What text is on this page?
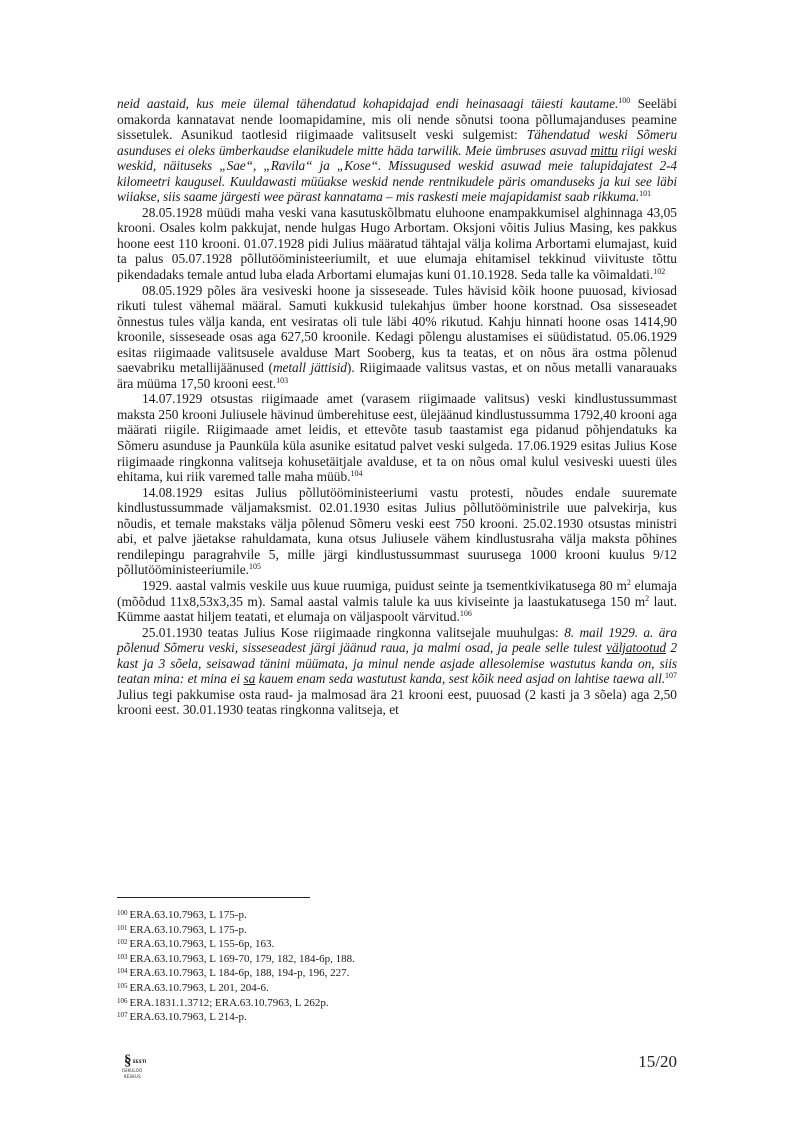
neid aastaid, kus meie ülemal tähendatud kohapidajad endi heinasaagi täiesti kautame.$^{100}$ Seeläbi omakorda kannatavat nende loomapidamine, mis oli nende sõnutsi toona põllumajanduses peamine sissetulek. Asunikud taotlesid riigimaade valitsuselt veski sulgemist: Tähendatud weski Sõmeru asunduses ei oleks ümberkaudse elanikudele mitte häda tarwilik. Meie ümbruses asuvad mittu riigi weski weskid, näituseks „Sae“, „Ravila“ ja „Kose“. Missugused weskid asuwad meie talupidajatest 2-4 kilomeetri kaugusel. Kuuldawasti müüakse weskid nende rentnikudele päris omanduseks ja kui see läbi wiiakse, siis saame järgesti wee pärast kannatama – mis raskesti meie majapidamist saab rikkuma.$^{101}$

28.05.1928 müüdi maha veski vana kasutuskõlbmatu eluhoone enampakkumisel alghinnaga 43,05 krooni. Osales kolm pakkujat, nende hulgas Hugo Arbortam. Oksjoni võitis Julius Masing, kes pakkus hoone eest 110 krooni. 01.07.1928 pidi Julius määratud tähtajal välja kolima Arbortami elumajast, kuid ta palus 05.07.1928 põllutööministeeriumilt, et uue elumaja ehitamisel tekkinud viivituste tõttu pikendadaks temale antud luba elada Arbortami elumajas kuni 01.10.1928. Seda talle ka võimaldati.$^{102}$

08.05.1929 põles ära vesiveski hoone ja sisseseade. Tules hävisid kõik hoone puuosad, kiviosad rikuti tulest vähemal määral. Samuti kukkusid tulekahjus ümber hoone korstnad. Osa sisseseadet õnnestus tules välja kanda, ent vesiratas oli tule läbi 40% rikutud. Kahju hinnati hoone osas 1414,90 kroonile, sisseseade osas aga 627,50 kroonile. Kedagi põlengu alustamises ei süüdistatud. 05.06.1929 esitas riigimaade valitsusele avalduse Mart Sooberg, kus ta teatas, et on nõus ära ostma põlenud saevabriku metallijäänused (metall jättisid). Riigimaade valitsus vastas, et on nõus metalli vanarauaks ära müüma 17,50 krooni eest.$^{103}$

14.07.1929 otsustas riigimaade amet (varasem riigimaade valitsus) veski kindlustussummast maksta 250 krooni Juliusele hävinud ümberehituse eest, ülejäänud kindlustussumma 1792,40 krooni aga määrati riigile. Riigimaade amet leidis, et ettevõte tasub taastamist ega pidanud põhjendatuks ka Sõmeru asunduse ja Paunküla küla asunike esitatud palvet veski sulgeda. 17.06.1929 esitas Julius Kose riigimaade ringkonna valitseja kohusetäitjale avalduse, et ta on nõus omal kulul vesiveski uuesti üles ehitama, kui riik varemed talle maha müüb.$^{104}$

14.08.1929 esitas Julius põllutööministeeriumi vastu protesti, nõudes endale suuremate kindlustussummade väljamaksmist. 02.01.1930 esitas Julius põllutööministrile uue palvekirja, kus nõudis, et temale makstaks välja põlenud Sõmeru veski eest 750 krooni. 25.02.1930 otsustas ministri abi, et palve jäetakse rahuldamata, kuna otsus Juliusele vähem kindlustusraha välja maksta põhines rendilepingu paragrahvile 5, mille järgi kindlustussummast suurusega 1000 krooni kuulus 9/12 põllutööministeeriumile.$^{105}$

1929. aastal valmis veskile uus kuue ruumiga, puidust seinte ja tsementkivikatusega 80 $m^2$ elumaja (mõõdud 11x8,53x3,35 m). Samal aastal valmis talule ka uus kiviseinte ja laastukatusega 150 $m^2$ laut. Kümme aastat hiljem teatati, et elumaja on väljaspoolt värvitud.$^{106}$

25.01.1930 teatas Julius Kose riigimaade ringkonna valitsejale muuhulgas: 8. mail 1929. a. ära põlenud Sõmeru veski, sisseseadest järgi jäänud raua, ja malmi osad, ja peale selle tulest väljatootud 2 kast ja 3 sõela, seisawad tänini müümata, ja minul nende asjade allesolemise wastutus kanda on, siis teatan mina: et mina ei sa kauem enam seda wastutust kanda, sest kõik need asjad on lahtise taewa all.$^{107}$ Julius tegi pakkumise osta raud- ja malmosad ära 21 krooni eest, puuosad (2 kasti ja 3 sõela) aga 2,50 krooni eest. 30.01.1930 teatas ringkonna valitseja, et

$^{100}$ ERA.63.10.7963, L 175-p.

$^{101}$ ERA.63.10.7963, L 175-p.

$^{102}$ ERA.63.10.7963, L 155-6p, 163.

$^{103}$ ERA.63.10.7963, L 169-70, 179, 182, 184-6p, 188.

$^{104}$ ERA.63.10.7963, L 184-6p, 188, 194-p, 196, 227.

$^{105}$ ERA.63.10.7963, L 201, 204-6.

$^{106}$ ERA.1831.1.3712; ERA.63.10.7963, L 262p.

$^{107}$ ERA.63.10.7963, L 214-p.

§ EESTI
ISIKULOO
KESKUS
15/20
